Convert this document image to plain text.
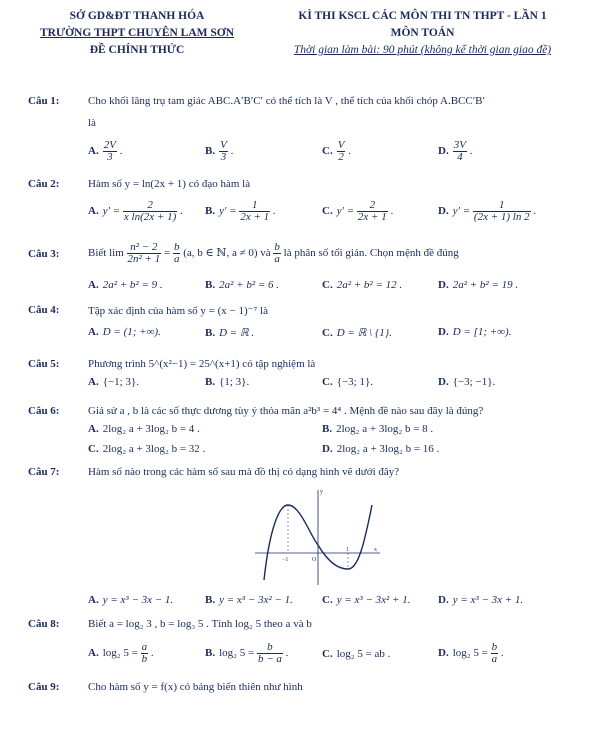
SỞ GD&ĐT THANH HÓA
TRƯỜNG THPT CHUYÊN LAM SƠN
ĐỀ CHÍNH THỨC
KÌ THI KSCL CÁC MÔN THI TN THPT - LẦN 1
MÔN TOÁN
Thời gian làm bài: 90 phút (không kể thời gian giao đề)
Câu 1:	Cho khối lăng trụ tam giác ABC.A′B′C′ có thể tích là V , thể tích của khối chóp A.BCC′B′
là
A. $\frac{2V}{3}$ .	B. $\frac{V}{3}$ .	C. $\frac{V}{2}$ .	D. $\frac{3V}{4}$ .
Câu 2:	Hàm số y = ln(2x + 1) có đạo hàm là
A. $y' = \frac{2}{\text{x ln(2x + 1)}}$ . B. $y' = \frac{1}{2x + 1}$ .	C. $y' = \frac{2}{2x + 1}$ .	D. $y' = \frac{1}{(2x + 1) \ln 2}$ .
Câu 3:	Biết $\lim \frac{\text{n² − 2}}{\text{2n² + 1}} = \frac{b}{a} (a$, b ∈ ℕ, a ≠ 0) và $\frac{b}{a}$ là phân số tối giản. Chọn mệnh đề đúng
A. 2a² + b² = 9 .	B. 2a² + b² = 6 .	C. 2a² + b² = 12 .	D. 2a² + b² = 19 .
Câu 4:	Tập xác định của hàm số y = (x − 1)⁻⁷ là
A. D = (1; +∞).	B. D = ℝ .	C. D = ℝ \ {1}.	D. D = [1; +∞).
Câu 5:	Phương trình 5^(x²−1) = 25^(x+1) có tập nghiệm là
A. {−1; 3}.	B. {1; 3}.	C. {−3; 1}.	D. {−3; −1}.
Câu 6:	Giả sử a , b là các số thực dương tùy ý thỏa mãn a²b³ = 4⁴ . Mệnh đề nào sau đây là đúng?
A. 2log₂ a + 3log₂ b = 4 .	B. 2log₂ a + 3log₂ b = 8 .
C. 2log₂ a + 3log₂ b = 32 .	D. 2log₂ a + 3log₂ b = 16 .
Câu 7:	Hàm số nào trong các hàm số sau mà đồ thị có dạng hình vẽ dưới đây?
y
x
−1	O
1
A. y = x³ − 3x − 1.	B. y = x³ − 3x² − 1.	C. y = x³ − 3x² + 1.	D. y = x³ − 3x + 1.
Câu 8:	Biết a = log₂ 3 , b = log₃ 5 . Tính log₂ 5 theo a và b
A. log₂ $5 = \frac{a}{b}$ .	B. log₂ $5 = \frac{b}{b - a}$ .	C. log₂ 5 = ab .	D. log₂ $5 = \frac{b}{a}$ .
Câu 9:	Cho hàm số y = f(x) có bảng biến thiên như hình
